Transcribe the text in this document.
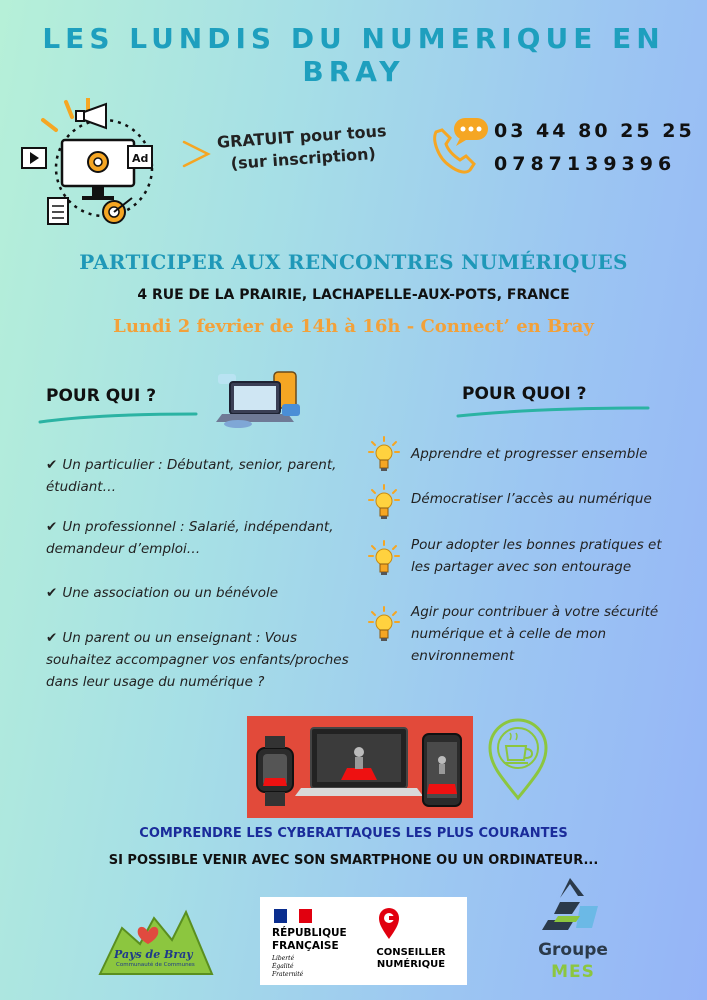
LES LUNDIS DU NUMERIQUE EN BRAY
Ad
GRATUIT pour tous
(sur inscription)
03 44 80 25 25
0787139396
PARTICIPER AUX RENCONTRES NUMÉRIQUES
4 RUE DE LA PRAIRIE, LACHAPELLE-AUX-POTS, FRANCE
Lundi 2 fevrier de 14h à 16h - Connect’ en Bray
POUR QUI ?
✔ Un particulier : Débutant, senior, parent,
étudiant…
✔ Un professionnel : Salarié, indépendant,
demandeur d’emploi…
✔ Une association ou un bénévole
✔ Un parent ou un enseignant : Vous
souhaitez accompagner vos enfants/proches
dans leur usage du numérique ?
POUR QUOI ?
Apprendre et progresser ensemble
Démocratiser l’accès au numérique
Pour adopter les bonnes pratiques et
les partager avec son entourage
Agir pour contribuer à votre sécurité
numérique et à celle de mon
environnement
COMPRENDRE LES CYBERATTAQUES LES PLUS COURANTES
SI POSSIBLE VENIR AVEC SON SMARTPHONE OU UN ORDINATEUR...
Pays de Bray
Communauté de Communes
RÉPUBLIQUE
FRANÇAISE
Liberté
Égalité
Fraternité
CONSEILLER
NUMÉRIQUE
Groupe
MES
